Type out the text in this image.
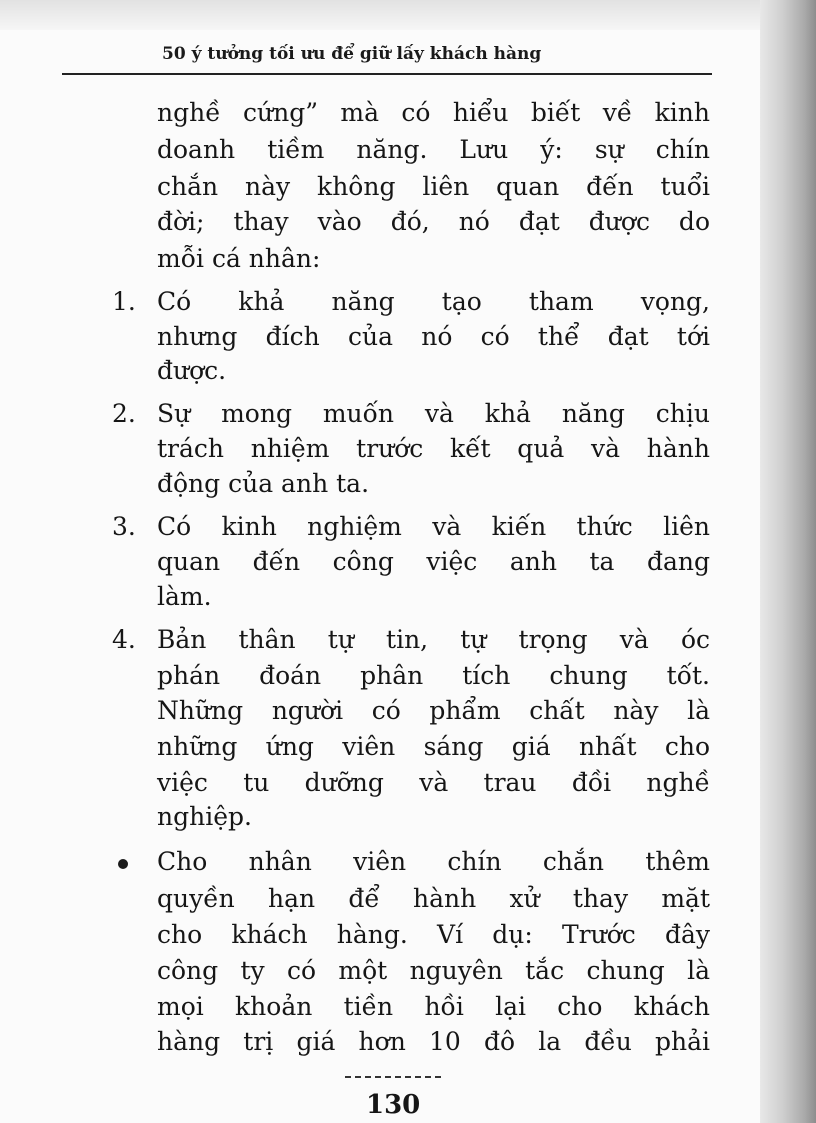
50 ý tưởng tối ưu để giữ lấy khách hàng
nghề cứng” mà có hiểu biết về kinh
doanh tiềm năng. Lưu ý: sự chín
chắn này không liên quan đến tuổi
đời; thay vào đó, nó đạt được do
mỗi cá nhân:
1. Có khả năng tạo tham vọng,
nhưng đích của nó có thể đạt tới
được.
2. Sự mong muốn và khả năng chịu
trách nhiệm trước kết quả và hành
động của anh ta.
3. Có kinh nghiệm và kiến thức liên
quan đến công việc anh ta đang
làm.
4. Bản thân tự tin, tự trọng và óc
phán đoán phân tích chung tốt.
Những người có phẩm chất này là
những ứng viên sáng giá nhất cho
việc tu dưỡng và trau đồi nghề
nghiệp.
Cho nhân viên chín chắn thêm
quyền hạn để hành xử thay mặt
cho khách hàng. Ví dụ: Trước đây
công ty có một nguyên tắc chung là
mọi khoản tiền hồi lại cho khách
hàng trị giá hơn 10 đô la đều phải
130
